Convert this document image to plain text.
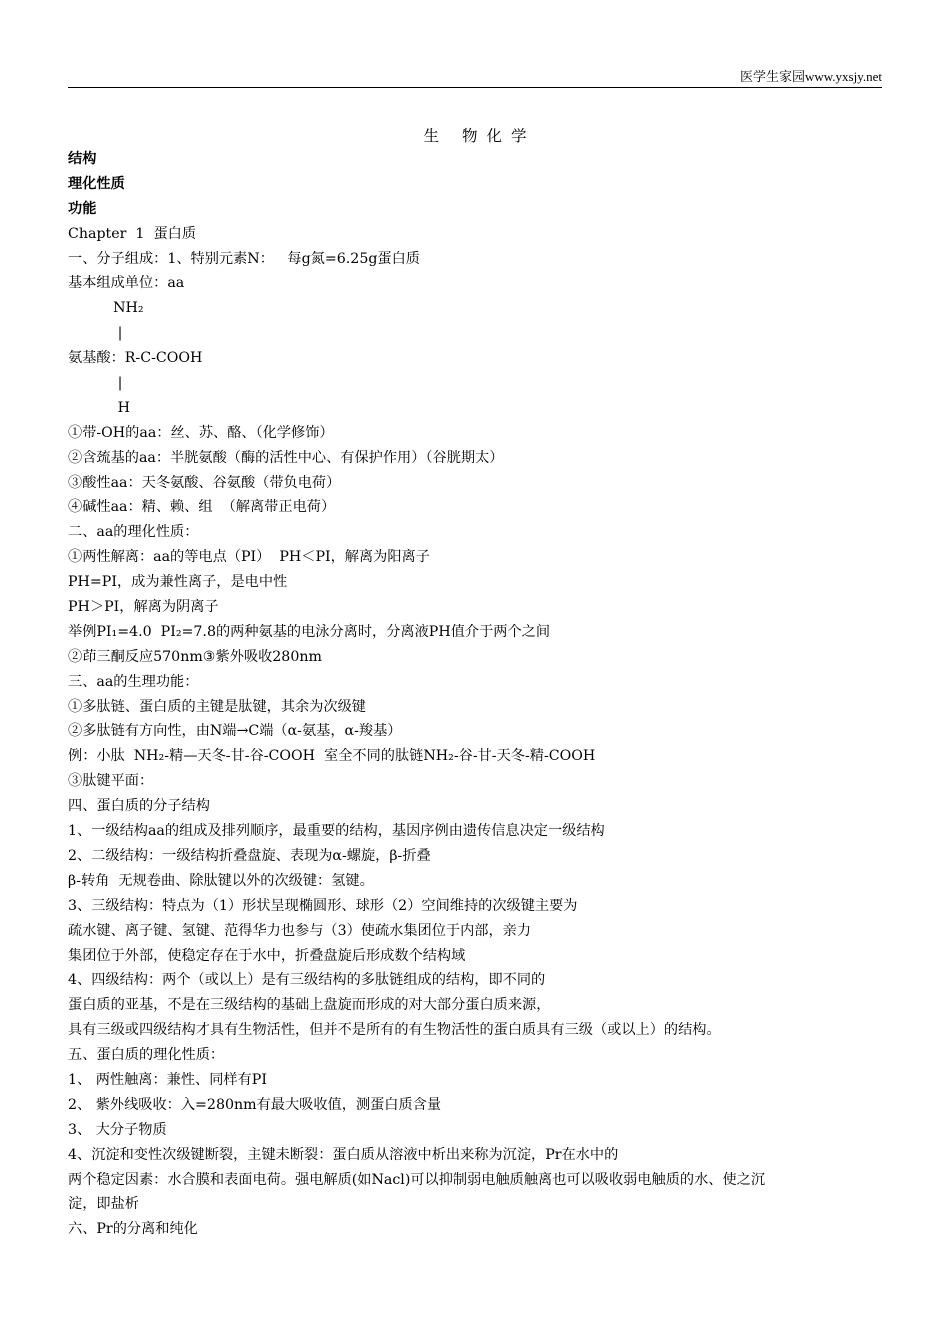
医学生家园www.yxsjy.net
生 物化学
结构
理化性质
功能
Chapter  1  蛋白质
一、分子组成：1、特别元素N：   每g氮=6.25g蛋白质
基本组成单位：aa
NH₂
|
氨基酸：R-C-COOH
|
H
①带-OH的aa：丝、苏、酪、（化学修饰）
②含巯基的aa：半胱氨酸（酶的活性中心、有保护作用）（谷胱期太）
③酸性aa：天冬氨酸、谷氨酸（带负电荷）
④碱性aa：精、赖、组  （解离带正电荷）
二、aa的理化性质：
①两性解离：aa的等电点（PI）  PH＜PI，解离为阳离子
PH=PI，成为兼性离子，是电中性
PH＞PI，解离为阴离子
举例PI₁=4.0  PI₂=7.8的两种氨基的电泳分离时，分离液PH值介于两个之间
②茚三酮反应570nm③紫外吸收280nm
三、aa的生理功能：
①多肽链、蛋白质的主键是肽键，其余为次级键
②多肽链有方向性，由N端→C端（α-氨基，α-羧基）
例：小肽  NH₂-精—天冬-甘-谷-COOH  室全不同的肽链NH₂-谷-甘-天冬-精-COOH
③肽键平面：
四、蛋白质的分子结构
1、一级结构aa的组成及排列顺序，最重要的结构，基因序例由遗传信息决定一级结构
2、二级结构：一级结构折叠盘旋、表现为α-螺旋，β-折叠
β-转角  无规卷曲、除肽键以外的次级键：氢键。
3、三级结构：特点为（1）形状呈现椭圆形、球形（2）空间维持的次级键主要为
疏水键、离子键、氢键、范得华力也参与（3）使疏水集团位于内部，亲力
集团位于外部，使稳定存在于水中，折叠盘旋后形成数个结构域
4、四级结构：两个（或以上）是有三级结构的多肽链组成的结构，即不同的
蛋白质的亚基，不是在三级结构的基础上盘旋而形成的对大部分蛋白质来源，
具有三级或四级结构才具有生物活性，但并不是所有的有生物活性的蛋白质具有三级（或以上）的结构。
五、蛋白质的理化性质：
1、 两性触离：兼性、同样有PI
2、 紫外线吸收：入=280nm有最大吸收值，测蛋白质含量
3、 大分子物质
4、沉淀和变性次级键断裂，主键未断裂：蛋白质从溶液中析出来称为沉淀，Pr在水中的
两个稳定因素：水合膜和表面电荷。强电解质(如Nacl)可以抑制弱电触质触离也可以吸收弱电触质的水、使之沉
淀，即盐析
六、Pr的分离和纯化
